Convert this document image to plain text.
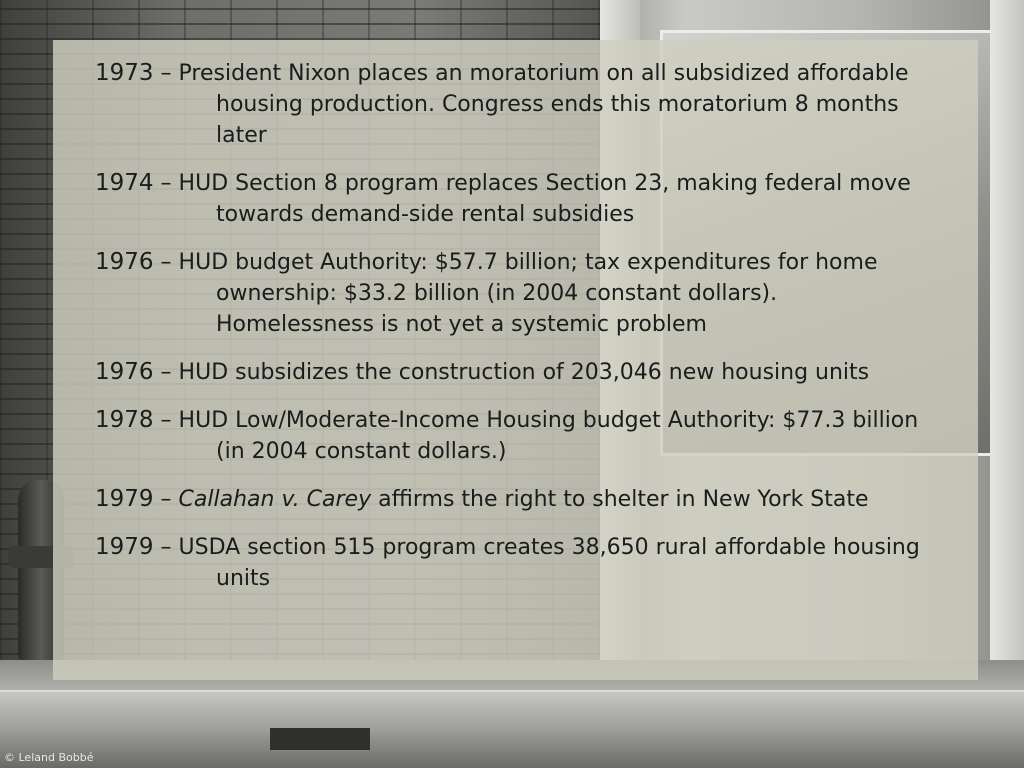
© Leland Bobbé
1973 – President Nixon places an moratorium on all subsidized affordable housing production. Congress ends this moratorium 8 months later
1974 – HUD Section 8 program replaces Section 23, making federal move towards demand-side rental subsidies
1976 – HUD budget Authority: $57.7 billion; tax expenditures for home ownership: $33.2 billion (in 2004 constant dollars). Homelessness is not yet a systemic problem
1976 – HUD subsidizes the construction of 203,046 new housing units
1978 – HUD Low/Moderate-Income Housing budget Authority: $77.3 billion (in 2004 constant dollars.)
1979 – Callahan v. Carey affirms the right to shelter in New York State
1979 – USDA section 515 program creates 38,650 rural affordable housing units
